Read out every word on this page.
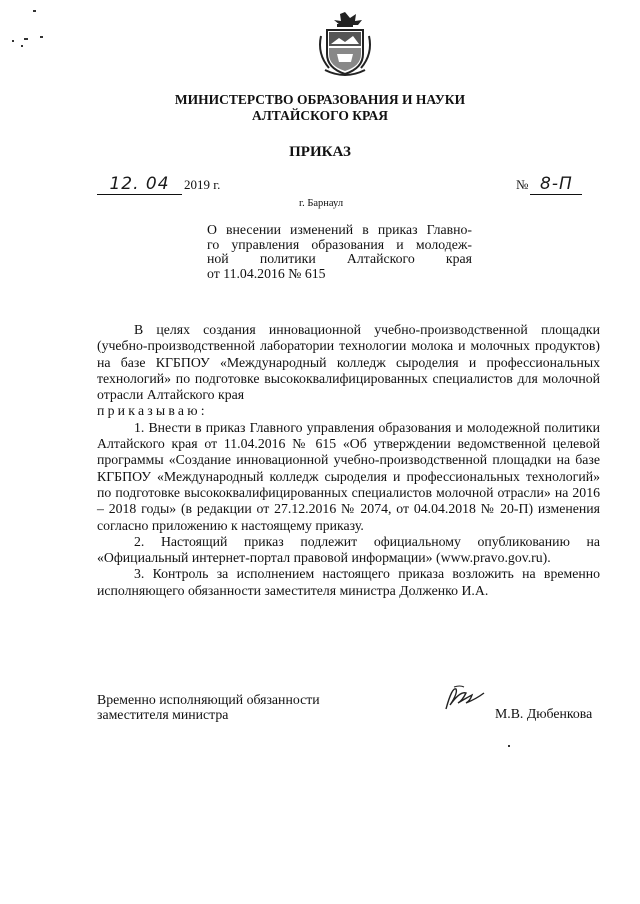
МИНИСТЕРСТВО ОБРАЗОВАНИЯ И НАУКИ
АЛТАЙСКОГО КРАЯ
ПРИКАЗ
12. 04 2019 г.	№ 8-П
г. Барнаул
О внесении изменений в приказ Главно-
го управления образования и молодеж-
ной политики Алтайского края
от 11.04.2016 № 615
В целях создания инновационной учебно-производственной площадки (учебно-производственной лаборатории технологии молока и молочных продуктов) на базе КГБПОУ «Международный колледж сыроделия и профессиональных технологий» по подготовке высококвалифицированных специалистов для молочной отрасли Алтайского края
приказываю:
1. Внести в приказ Главного управления образования и молодежной политики Алтайского края от 11.04.2016 № 615 «Об утверждении ведомственной целевой программы «Создание инновационной учебно-производственной площадки на базе КГБПОУ «Международный колледж сыроделия и профессиональных технологий» по подготовке высококвалифицированных специалистов молочной отрасли» на 2016 – 2018 годы» (в редакции от 27.12.2016 № 2074, от 04.04.2018 № 20-П) изменения согласно приложению к настоящему приказу.
2. Настоящий приказ подлежит официальному опубликованию на «Официальный интернет-портал правовой информации» (www.pravo.gov.ru).
3. Контроль за исполнением настоящего приказа возложить на временно исполняющего обязанности заместителя министра Долженко И.А.
Временно исполняющий обязанности
заместителя министра	М.В. Дюбенкова
